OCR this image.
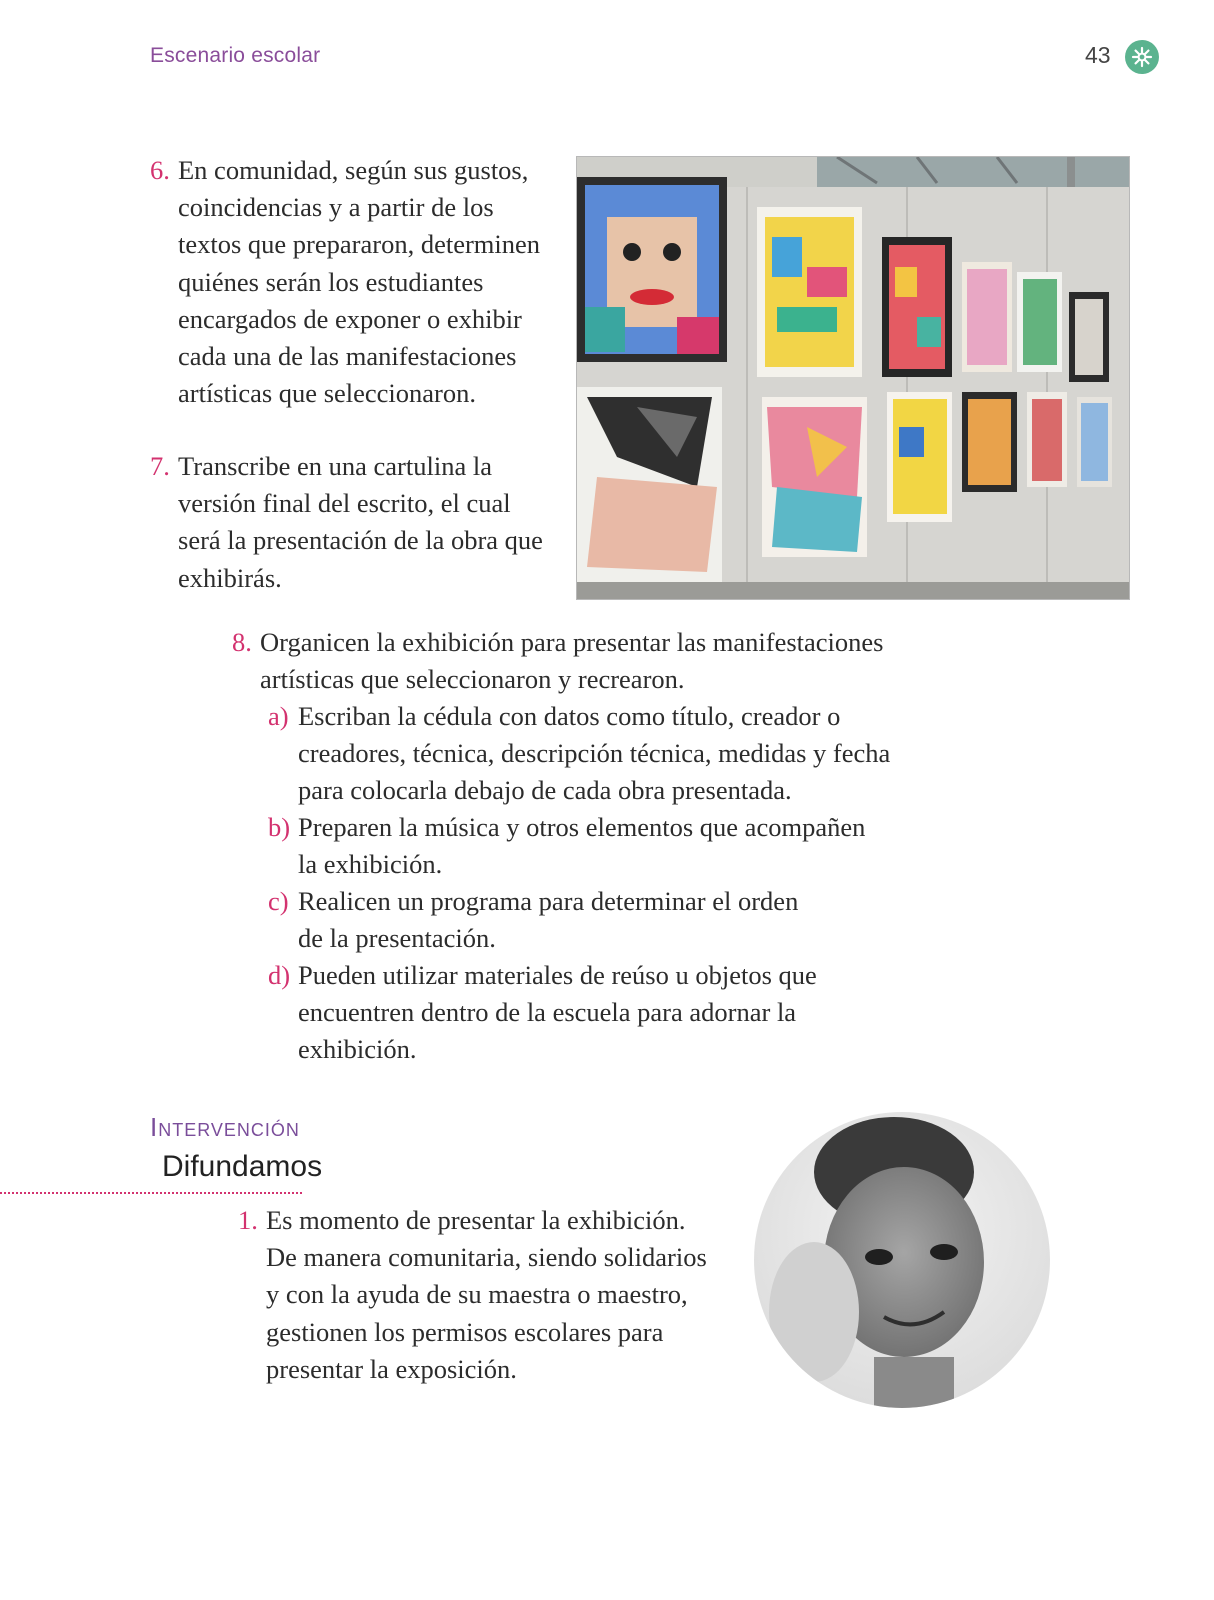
Escenario escolar	43
6. En comunidad, según sus gustos,
coincidencias y a partir de los
textos que prepararon, determinen
quiénes serán los estudiantes
encargados de exponer o exhibir
cada una de las manifestaciones
artísticas que seleccionaron.
7. Transcribe en una cartulina la
versión final del escrito, el cual
será la presentación de la obra que
exhibirás.
8. Organicen la exhibición para presentar las manifestaciones
artísticas que seleccionaron y recrearon.
a) Escriban la cédula con datos como título, creador o
creadores, técnica, descripción técnica, medidas y fecha
para colocarla debajo de cada obra presentada.
b) Preparen la música y otros elementos que acompañen
la exhibición.
c) Realicen un programa para determinar el orden
de la presentación.
d) Pueden utilizar materiales de reúso u objetos que
encuentren dentro de la escuela para adornar la
exhibición.
Intervención
Difundamos
1. Es momento de presentar la exhibición.
De manera comunitaria, siendo solidarios
y con la ayuda de su maestra o maestro,
gestionen los permisos escolares para
presentar la exposición.
